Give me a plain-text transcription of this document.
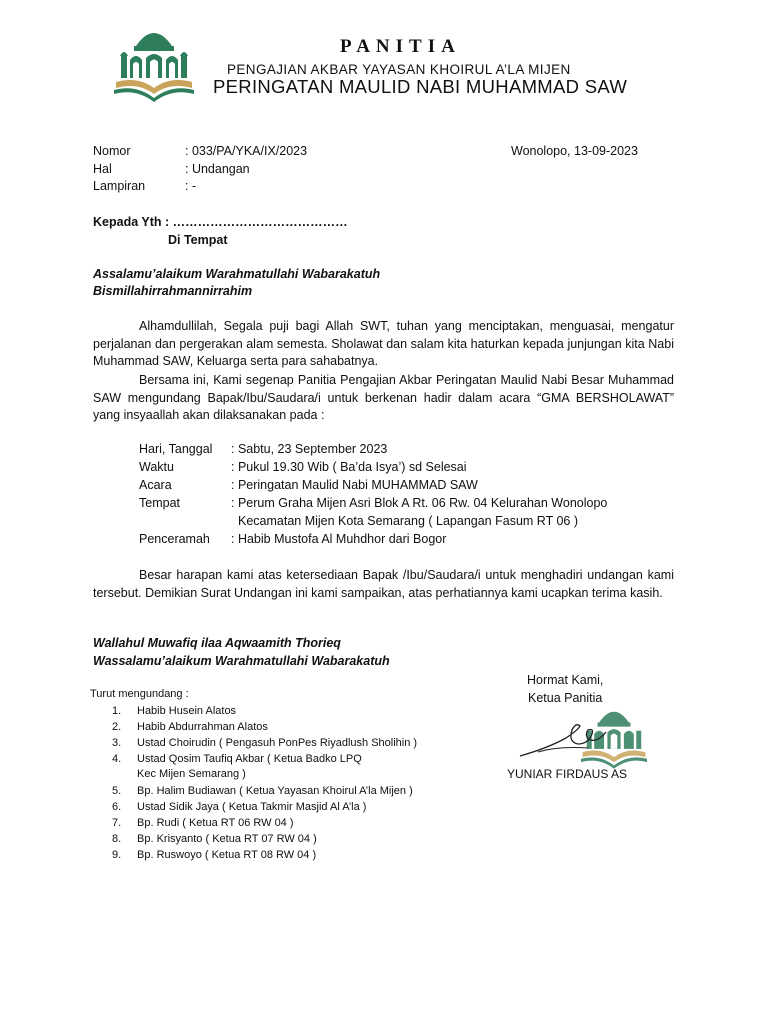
PANITIA
PENGAJIAN AKBAR YAYASAN KHOIRUL A’LA MIJEN
PERINGATAN MAULID NABI MUHAMMAD SAW
Nomor	: 033/PA/YKA/IX/2023	Wonolopo, 13-09-2023
Hal	: Undangan
Lampiran	: -
Kepada Yth : ……………………………………
Di Tempat
Assalamu’alaikum Warahmatullahi Wabarakatuh
Bismillahirrahmannirrahim
Alhamdullilah, Segala puji bagi Allah SWT, tuhan yang menciptakan, menguasai, mengatur perjalanan dan pergerakan alam semesta. Sholawat dan salam kita haturkan kepada junjungan kita Nabi Muhammad SAW, Keluarga serta para sahabatnya.
Bersama ini, Kami segenap Panitia Pengajian Akbar Peringatan Maulid Nabi Besar Muhammad SAW mengundang Bapak/Ibu/Saudara/i untuk berkenan hadir dalam acara “GMA BERSHOLAWAT” yang insyaallah akan dilaksanakan pada :
Hari, Tanggal : Sabtu, 23 September 2023
Waktu	: Pukul 19.30 Wib ( Ba’da Isya’) sd Selesai
Acara	: Peringatan Maulid Nabi MUHAMMAD SAW
Tempat	: Perum Graha Mijen Asri Blok A Rt. 06 Rw. 04 Kelurahan Wonolopo
Kecamatan Mijen Kota Semarang ( Lapangan Fasum RT 06 )
Penceramah : Habib Mustofa Al Muhdhor dari Bogor
Besar harapan kami atas ketersediaan Bapak /Ibu/Saudara/i untuk menghadiri undangan kami tersebut. Demikian Surat Undangan ini kami sampaikan, atas perhatiannya kami ucapkan terima kasih.
Wallahul Muwafiq ilaa Aqwaamith Thorieq
Wassalamu’alaikum Warahmatullahi Wabarakatuh
Hormat Kami,
Ketua Panitia
YUNIAR FIRDAUS AS
Turut mengundang :
1. Habib Husein Alatos
2. Habib Abdurrahman Alatos
3. Ustad Choirudin ( Pengasuh PonPes Riyadlush Sholihin )
4. Ustad Qosim Taufiq Akbar ( Ketua Badko LPQ
Kec Mijen Semarang )
5. Bp. Halim Budiawan ( Ketua Yayasan Khoirul A’la Mijen )
6. Ustad Sidik Jaya ( Ketua Takmir Masjid Al A’la )
7. Bp. Rudi ( Ketua RT 06 RW 04 )
8. Bp. Krisyanto ( Ketua RT 07 RW 04 )
9. Bp. Ruswoyo ( Ketua RT 08 RW 04 )
